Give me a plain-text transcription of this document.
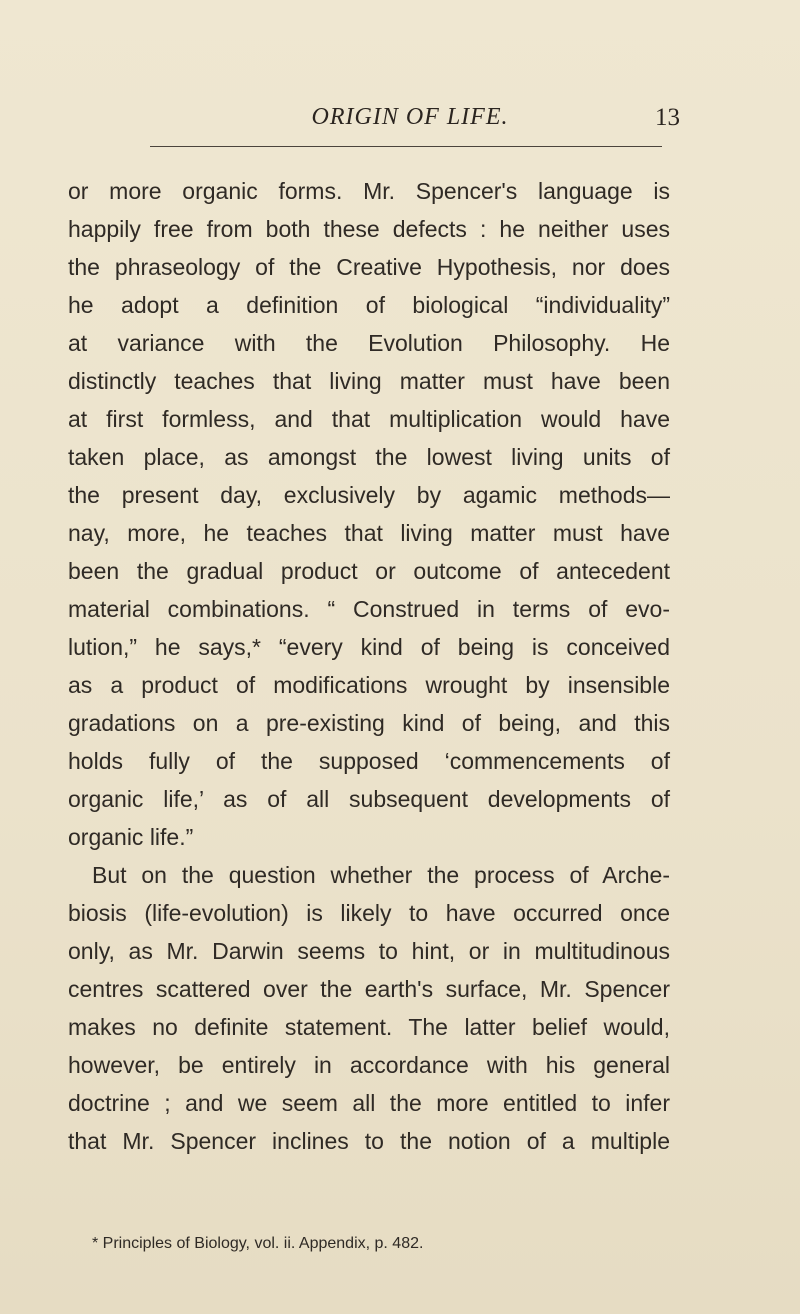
ORIGIN OF LIFE.	13
or more organic forms. Mr. Spencer's language is
happily free from both these defects : he neither uses
the phraseology of the Creative Hypothesis, nor does
he adopt a definition of biological “individuality”
at variance with the Evolution Philosophy. He
distinctly teaches that living matter must have been
at first formless, and that multiplication would have
taken place, as amongst the lowest living units of
the present day, exclusively by agamic methods—
nay, more, he teaches that living matter must have
been the gradual product or outcome of antecedent
material combinations. “ Construed in terms of evo-
lution,” he says,* “every kind of being is conceived
as a product of modifications wrought by insensible
gradations on a pre-existing kind of being, and this
holds fully of the supposed ‘commencements of
organic life,’ as of all subsequent developments of
organic life.”
But on the question whether the process of Arche-
biosis (life-evolution) is likely to have occurred once
only, as Mr. Darwin seems to hint, or in multitudinous
centres scattered over the earth's surface, Mr. Spencer
makes no definite statement. The latter belief would,
however, be entirely in accordance with his general
doctrine ; and we seem all the more entitled to infer
that Mr. Spencer inclines to the notion of a multiple
* Principles of Biology, vol. ii. Appendix, p. 482.
